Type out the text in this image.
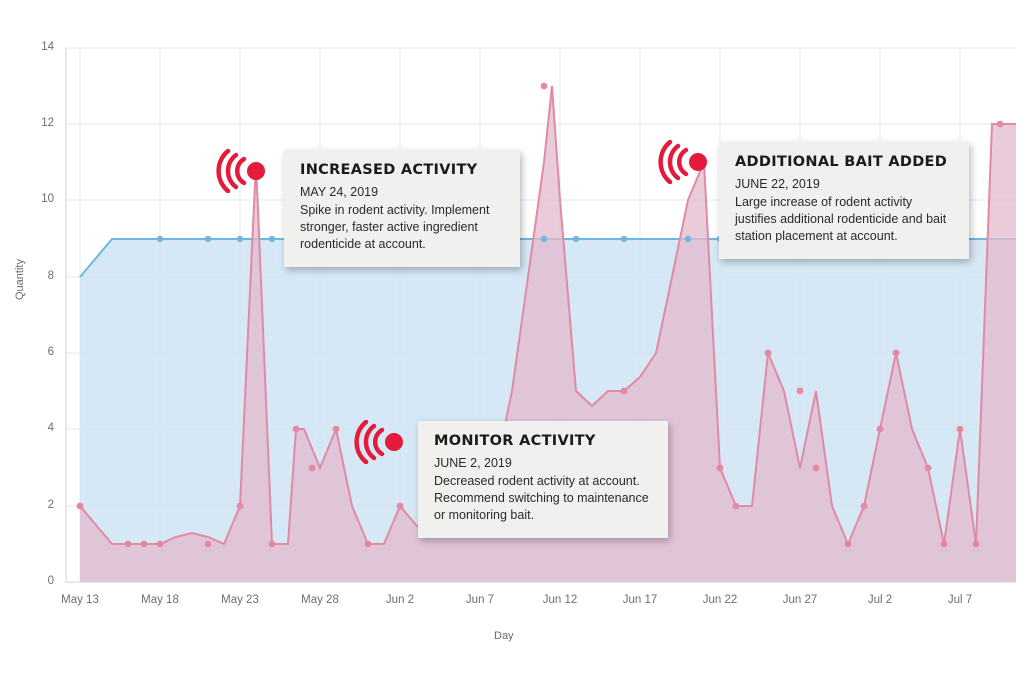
Quantity
Day
14
12
10
8
6
4
2
0
May 13	May 18	May 23	May 28	Jun 2	Jun 7	Jun 12	Jun 17	Jun 22	Jun 27	Jul 2	Jul 7

INCREASED ACTIVITY

MAY 24, 2019

Spike in rodent activity. Implement stronger, faster active ingredient rodenticide at account.

ADDITIONAL BAIT ADDED

JUNE 22, 2019

Large increase of rodent activity justifies additional rodenticide and bait station placement at account.

MONITOR ACTIVITY

JUNE 2, 2019

Decreased rodent activity at account. Recommend switching to maintenance or monitoring bait.
